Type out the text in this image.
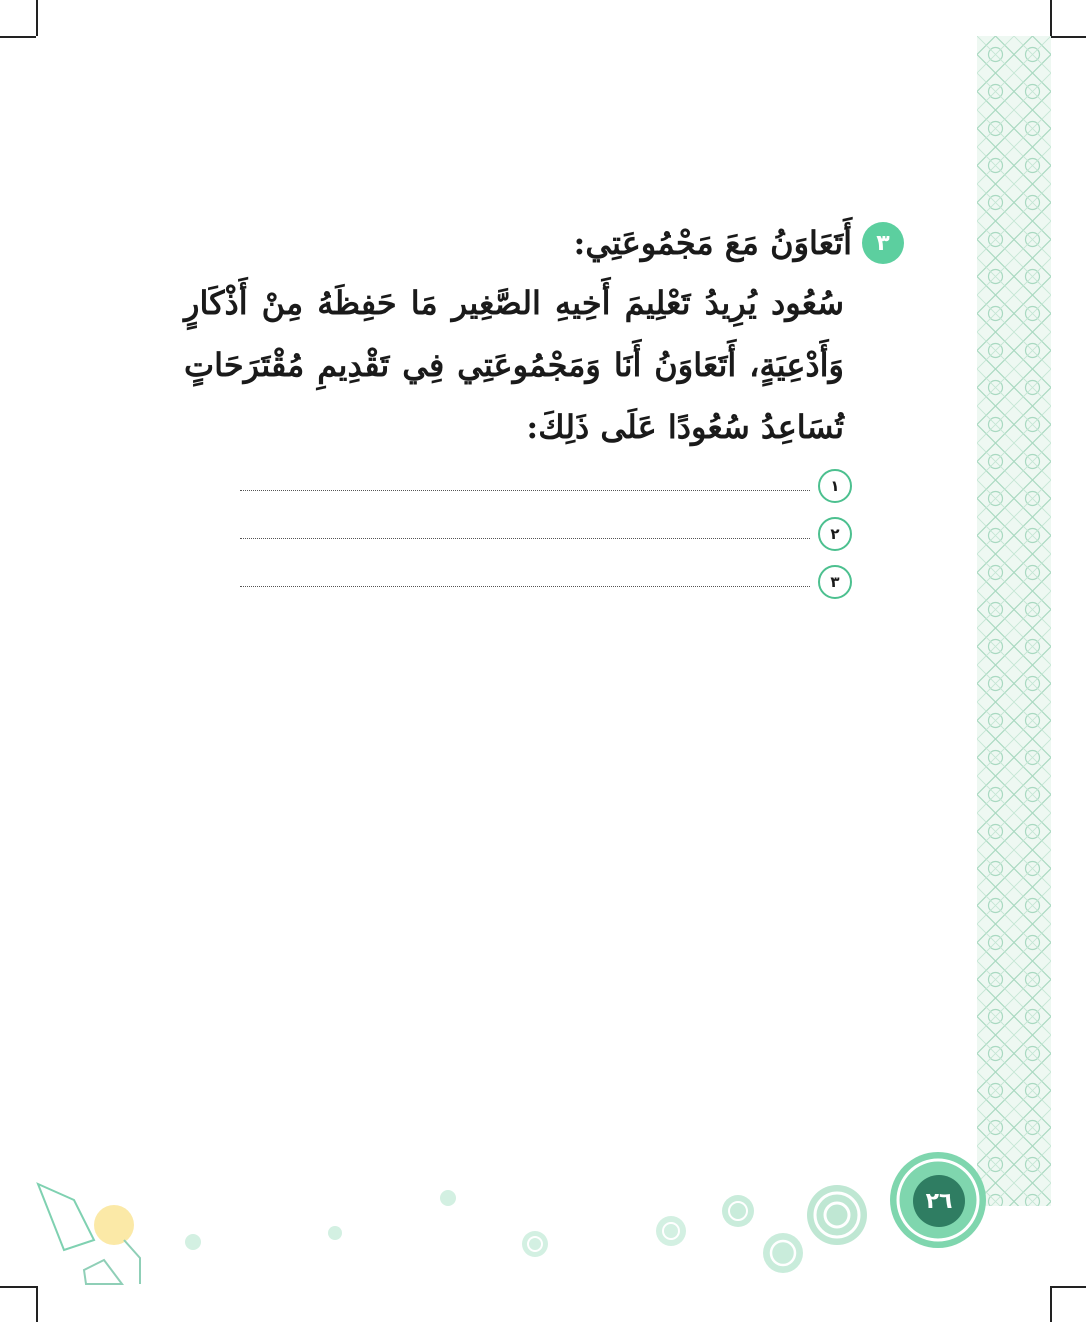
٣
أَتَعَاوَنُ مَعَ مَجْمُوعَتِي:

سُعُود يُرِيدُ تَعْلِيمَ أَخِيهِ الصَّغِير مَا حَفِظَهُ مِنْ أَذْكَارٍ وَأَدْعِيَةٍ، أَتَعَاوَنُ أَنَا وَمَجْمُوعَتِي فِي تَقْدِيمِ مُقْتَرَحَاتٍ تُسَاعِدُ سُعُودًا عَلَى ذَلِكَ:

١
٢
٣
٢٦
